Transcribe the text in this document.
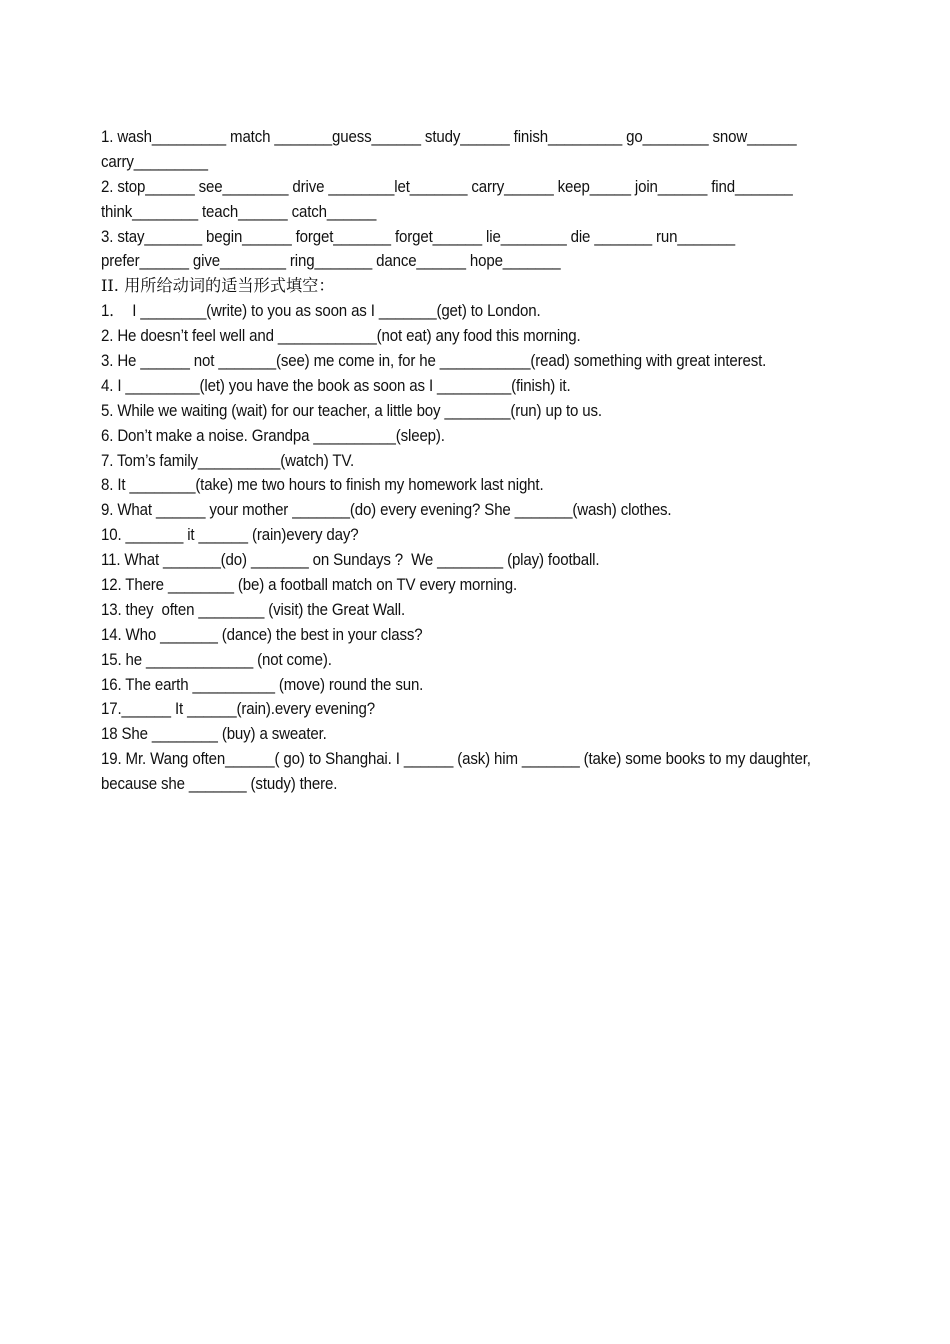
1. wash_________ match _______guess______ study______ finish_________ go________ snow______
carry_________
2. stop______ see________ drive ________let_______ carry______ keep_____ join______ find_______
think________ teach______ catch______
3. stay_______ begin______ forget_______ forget______ lie________ die _______ run_______
prefer______ give________ ring_______ dance______ hope_______
II. 用所给动词的适当形式填空：
1．  I ________(write) to you as soon as I _______(get) to London.
2. He doesn’t feel well and ____________(not eat) any food this morning.
3. He ______ not _______(see) me come in, for he ___________(read) something with great interest.
4. I _________(let) you have the book as soon as I _________(finish) it.
5. While we waiting (wait) for our teacher, a little boy ________(run) up to us.
6. Don’t make a noise. Grandpa __________(sleep).
7. Tom’s family__________(watch) TV.
8. It ________(take) me two hours to finish my homework last night.
9. What ______ your mother _______(do) every evening? She _______(wash) clothes.
10. _______ it ______ (rain)every day?
11. What _______(do) _______ on Sundays ?  We ________ (play) football.
12. There ________ (be) a football match on TV every morning.
13. they  often ________ (visit) the Great Wall.
14. Who _______ (dance) the best in your class?
15. he _____________ (not come).
16. The earth __________ (move) round the sun.
17.______ It ______(rain).every evening?
18 She ________ (buy) a sweater.
19. Mr. Wang often______( go) to Shanghai. I ______ (ask) him _______ (take) some books to my daughter,
because she _______ (study) there.
